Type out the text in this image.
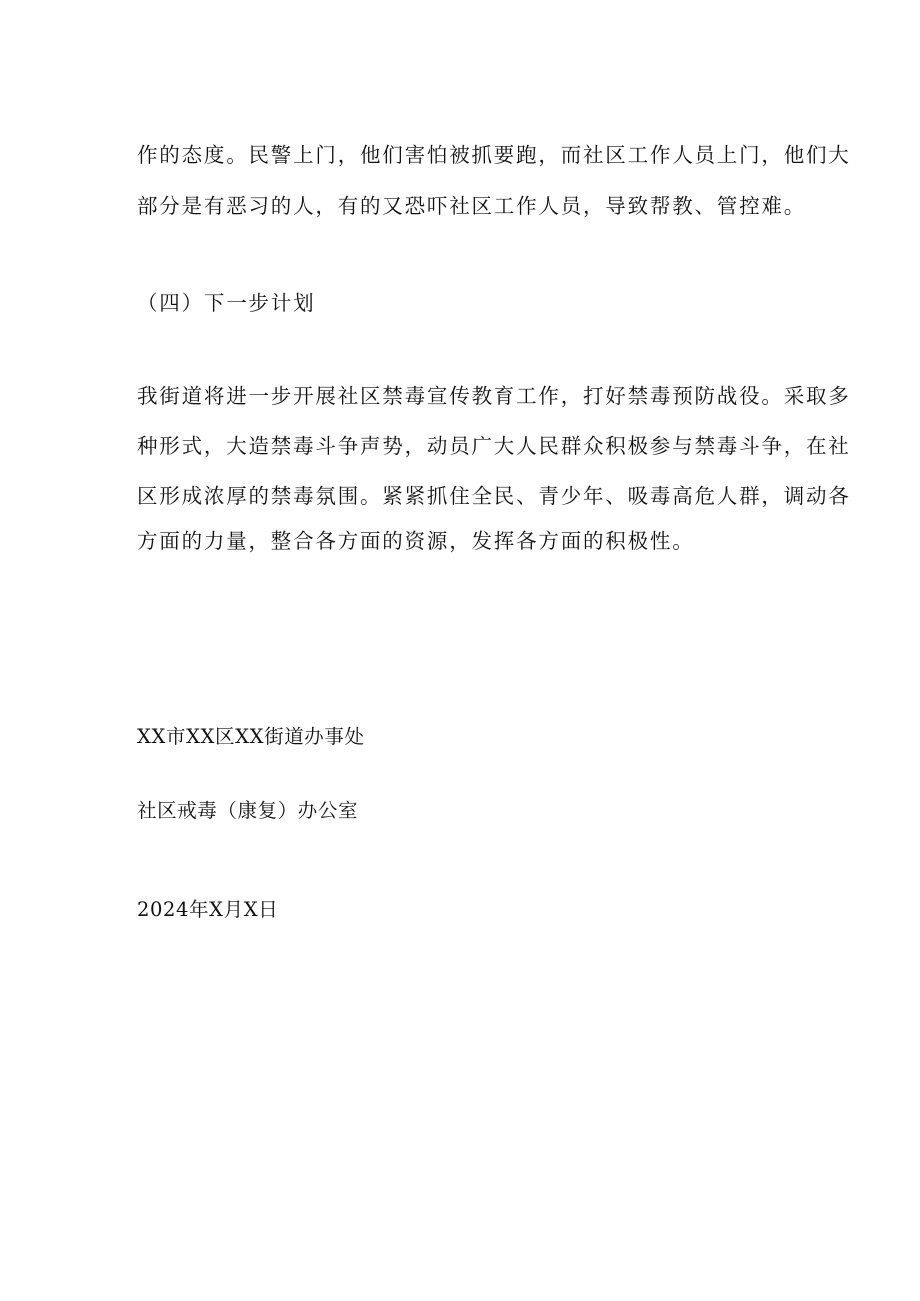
作的态度。民警上门，他们害怕被抓要跑，而社区工作人员上门，他们大
部分是有恶习的人，有的又恐吓社区工作人员，导致帮教、管控难。
（四）下一步计划
我街道将进一步开展社区禁毒宣传教育工作，打好禁毒预防战役。采取多
种形式，大造禁毒斗争声势，动员广大人民群众积极参与禁毒斗争，在社
区形成浓厚的禁毒氛围。紧紧抓住全民、青少年、吸毒高危人群，调动各
方面的力量，整合各方面的资源，发挥各方面的积极性。
XX市XX区XX街道办事处
社区戒毒（康复）办公室
2024年X月X日
